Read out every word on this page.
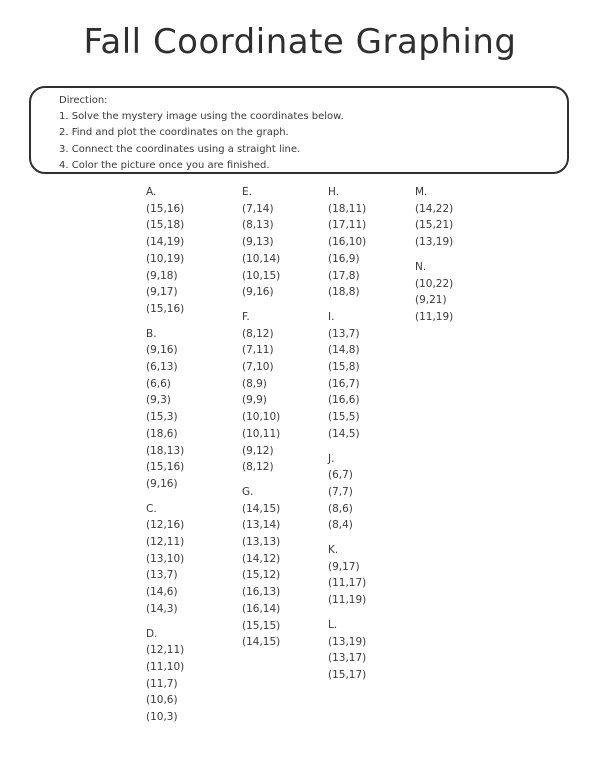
Fall Coordinate Graphing
Direction:
1. Solve the mystery image using the coordinates below.
2. Find and plot the coordinates on the graph.
3. Connect the coordinates using a straight line.
4. Color the picture once you are finished.
A.
(15,16)
(15,18)
(14,19)
(10,19)
(9,18)
(9,17)
(15,16)
B.
(9,16)
(6,13)
(6,6)
(9,3)
(15,3)
(18,6)
(18,13)
(15,16)
(9,16)
C.
(12,16)
(12,11)
(13,10)
(13,7)
(14,6)
(14,3)
D.
(12,11)
(11,10)
(11,7)
(10,6)
(10,3)
E.
(7,14)
(8,13)
(9,13)
(10,14)
(10,15)
(9,16)
F.
(8,12)
(7,11)
(7,10)
(8,9)
(9,9)
(10,10)
(10,11)
(9,12)
(8,12)
G.
(14,15)
(13,14)
(13,13)
(14,12)
(15,12)
(16,13)
(16,14)
(15,15)
(14,15)
H.
(18,11)
(17,11)
(16,10)
(16,9)
(17,8)
(18,8)
I.
(13,7)
(14,8)
(15,8)
(16,7)
(16,6)
(15,5)
(14,5)
J.
(6,7)
(7,7)
(8,6)
(8,4)
K.
(9,17)
(11,17)
(11,19)
L.
(13,19)
(13,17)
(15,17)
M.
(14,22)
(15,21)
(13,19)
N.
(10,22)
(9,21)
(11,19)
